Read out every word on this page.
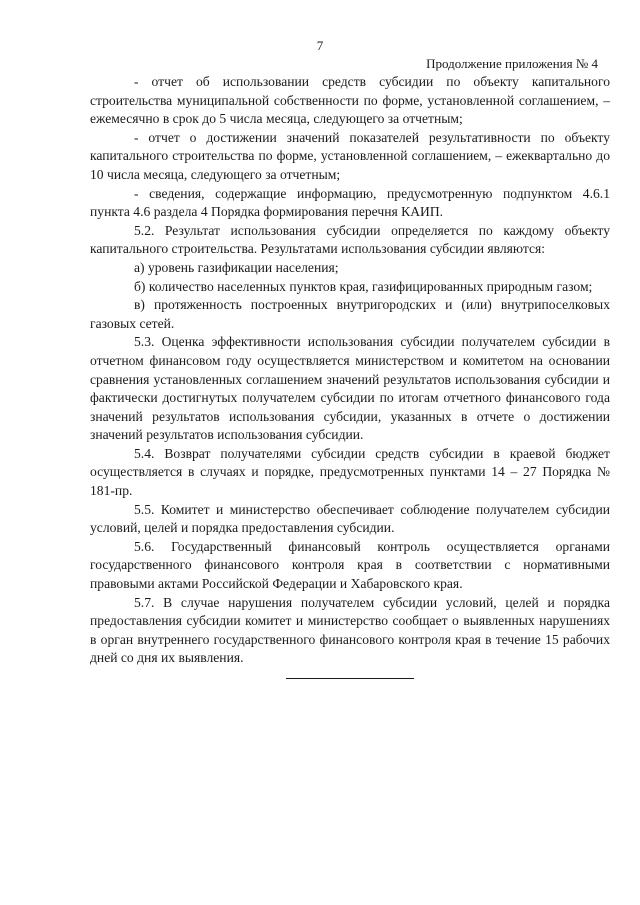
7
Продолжение приложения № 4

- отчет об использовании средств субсидии по объекту капитального строительства муниципальной собственности по форме, установленной соглашением, – ежемесячно в срок до 5 числа месяца, следующего за отчетным;

- отчет о достижении значений показателей результативности по объекту капитального строительства по форме, установленной соглашением, – ежеквартально до 10 числа месяца, следующего за отчетным;

- сведения, содержащие информацию, предусмотренную подпунктом 4.6.1 пункта 4.6 раздела 4 Порядка формирования перечня КАИП.

5.2. Результат использования субсидии определяется по каждому объекту капитального строительства. Результатами использования субсидии являются:

а) уровень газификации населения;

б) количество населенных пунктов края, газифицированных природным газом;

в) протяженность построенных внутригородских и (или) внутрипоселковых газовых сетей.

5.3. Оценка эффективности использования субсидии получателем субсидии в отчетном финансовом году осуществляется министерством и комитетом на основании сравнения установленных соглашением значений результатов использования субсидии и фактически достигнутых получателем субсидии по итогам отчетного финансового года значений результатов использования субсидии, указанных в отчете о достижении значений результатов использования субсидии.

5.4. Возврат получателями субсидии средств субсидии в краевой бюджет осуществляется в случаях и порядке, предусмотренных пунктами 14 – 27 Порядка № 181-пр.

5.5. Комитет и министерство обеспечивает соблюдение получателем субсидии условий, целей и порядка предоставления субсидии.

5.6. Государственный финансовый контроль осуществляется органами государственного финансового контроля края в соответствии с нормативными правовыми актами Российской Федерации и Хабаровского края.

5.7. В случае нарушения получателем субсидии условий, целей и порядка предоставления субсидии комитет и министерство сообщает о выявленных нарушениях в орган внутреннего государственного финансового контроля края в течение 15 рабочих дней со дня их выявления.
